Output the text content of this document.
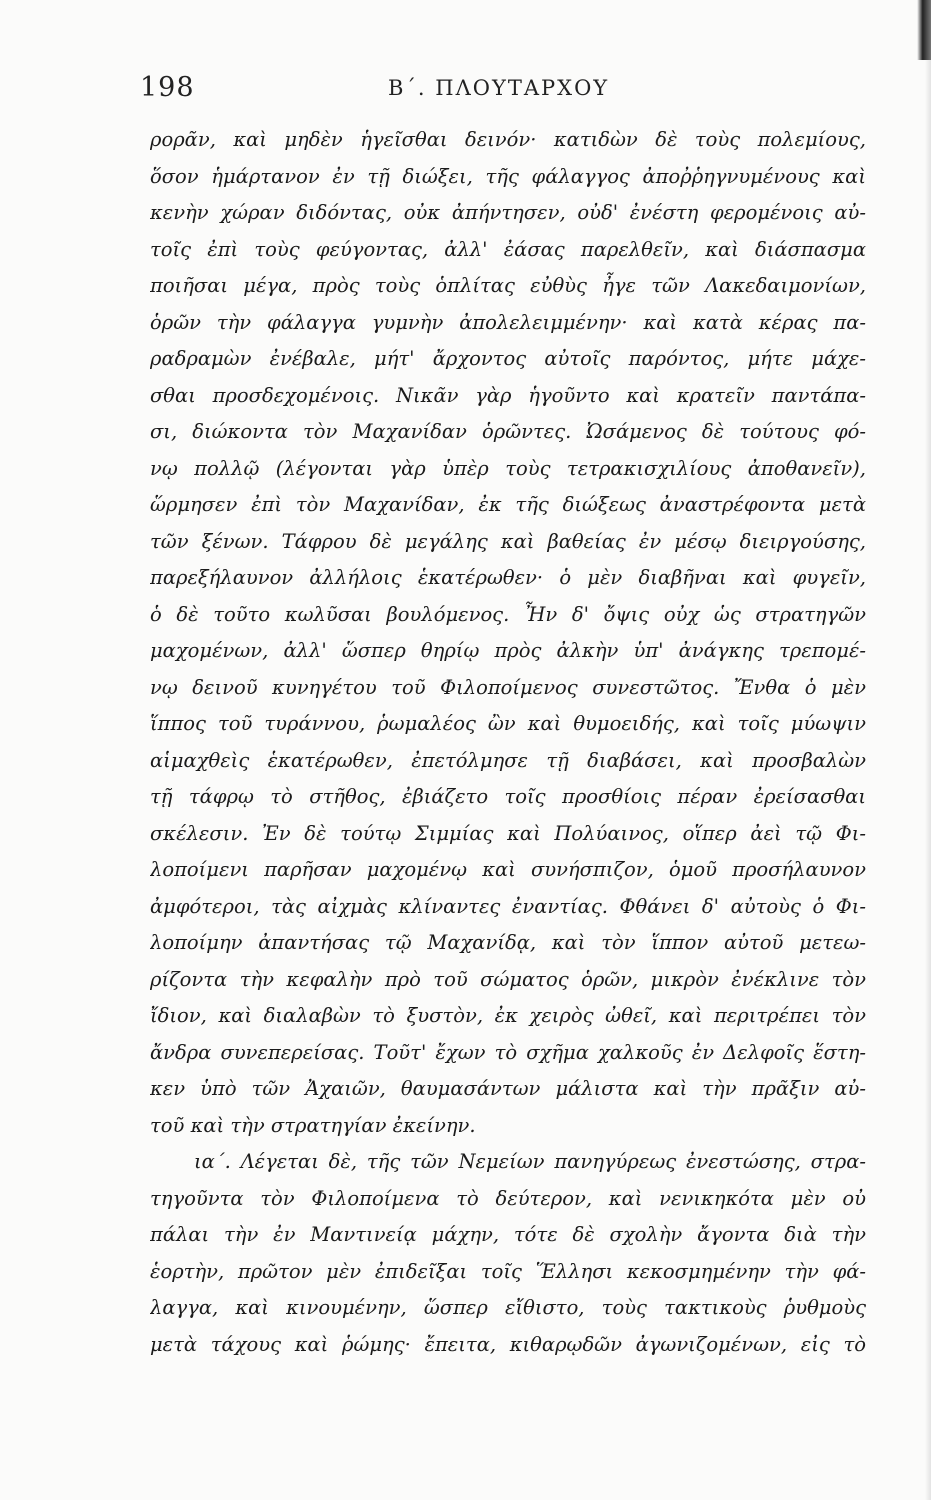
198	Β΄. ΠΛΟΥΤΑΡΧΟΥ
ρορᾶν, καὶ μηδὲν ἡγεῖσθαι δεινόν· κατιδὼν δὲ τοὺς πολεμίους,
ὅσον ἡμάρτανον ἐν τῇ διώξει, τῆς φάλαγγος ἀποῤῥηγνυμένους καὶ
κενὴν χώραν διδόντας, οὐκ ἀπήντησεν, οὐδ' ἐνέστη φερομένοις αὐ-
τοῖς ἐπὶ τοὺς φεύγοντας, ἀλλ' ἐάσας παρελθεῖν, καὶ διάσπασμα
ποιῆσαι μέγα, πρὸς τοὺς ὁπλίτας εὐθὺς ἦγε τῶν Λακεδαιμονίων,
ὁρῶν τὴν φάλαγγα γυμνὴν ἀπολελειμμένην· καὶ κατὰ κέρας πα-
ραδραμὼν ἐνέβαλε, μήτ' ἄρχοντος αὐτοῖς παρόντος, μήτε μάχε-
σθαι προσδεχομένοις. Νικᾶν γὰρ ἡγοῦντο καὶ κρατεῖν παντάπα-
σι, διώκοντα τὸν Μαχανίδαν ὁρῶντες. Ὠσάμενος δὲ τούτους φό-
νῳ πολλῷ (λέγονται γὰρ ὑπὲρ τοὺς τετρακισχιλίους ἀποθανεῖν),
ὥρμησεν ἐπὶ τὸν Μαχανίδαν, ἐκ τῆς διώξεως ἀναστρέφοντα μετὰ
τῶν ξένων. Τάφρου δὲ μεγάλης καὶ βαθείας ἐν μέσῳ διειργούσης,
παρεξήλαυνον ἀλλήλοις ἑκατέρωθεν· ὁ μὲν διαβῆναι καὶ φυγεῖν,
ὁ δὲ τοῦτο κωλῦσαι βουλόμενος. Ἦν δ' ὄψις οὐχ ὡς στρατηγῶν
μαχομένων, ἀλλ' ὥσπερ θηρίῳ πρὸς ἀλκὴν ὑπ' ἀνάγκης τρεπομέ-
νῳ δεινοῦ κυνηγέτου τοῦ Φιλοποίμενος συνεστῶτος. Ἔνθα ὁ μὲν
ἵππος τοῦ τυράννου, ῥωμαλέος ὢν καὶ θυμοειδής, καὶ τοῖς μύωψιν
αἱμαχθεὶς ἑκατέρωθεν, ἐπετόλμησε τῇ διαβάσει, καὶ προσβαλὼν
τῇ τάφρῳ τὸ στῆθος, ἐβιάζετο τοῖς προσθίοις πέραν ἐρείσασθαι
σκέλεσιν. Ἐν δὲ τούτῳ Σιμμίας καὶ Πολύαινος, οἵπερ ἀεὶ τῷ Φι-
λοποίμενι παρῆσαν μαχομένῳ καὶ συνήσπιζον, ὁμοῦ προσήλαυνον
ἀμφότεροι, τὰς αἰχμὰς κλίναντες ἐναντίας. Φθάνει δ' αὐτοὺς ὁ Φι-
λοποίμην ἀπαντήσας τῷ Μαχανίδᾳ, καὶ τὸν ἵππον αὐτοῦ μετεω-
ρίζοντα τὴν κεφαλὴν πρὸ τοῦ σώματος ὁρῶν, μικρὸν ἐνέκλινε τὸν
ἴδιον, καὶ διαλαβὼν τὸ ξυστὸν, ἐκ χειρὸς ὠθεῖ, καὶ περιτρέπει τὸν
ἄνδρα συνεπερείσας. Τοῦτ' ἔχων τὸ σχῆμα χαλκοῦς ἐν Δελφοῖς ἕστη-
κεν ὑπὸ τῶν Ἀχαιῶν, θαυμασάντων μάλιστα καὶ τὴν πρᾶξιν αὐ-
τοῦ καὶ τὴν στρατηγίαν ἐκείνην.
ια΄. Λέγεται δὲ, τῆς τῶν Νεμείων πανηγύρεως ἐνεστώσης, στρα-
τηγοῦντα τὸν Φιλοποίμενα τὸ δεύτερον, καὶ νενικηκότα μὲν οὐ
πάλαι τὴν ἐν Μαντινείᾳ μάχην, τότε δὲ σχολὴν ἄγοντα διὰ τὴν
ἑορτὴν, πρῶτον μὲν ἐπιδεῖξαι τοῖς Ἕλλησι κεκοσμημένην τὴν φά-
λαγγα, καὶ κινουμένην, ὥσπερ εἴθιστο, τοὺς τακτικοὺς ῥυθμοὺς
μετὰ τάχους καὶ ῥώμης· ἔπειτα, κιθαρῳδῶν ἀγωνιζομένων, εἰς τὸ
